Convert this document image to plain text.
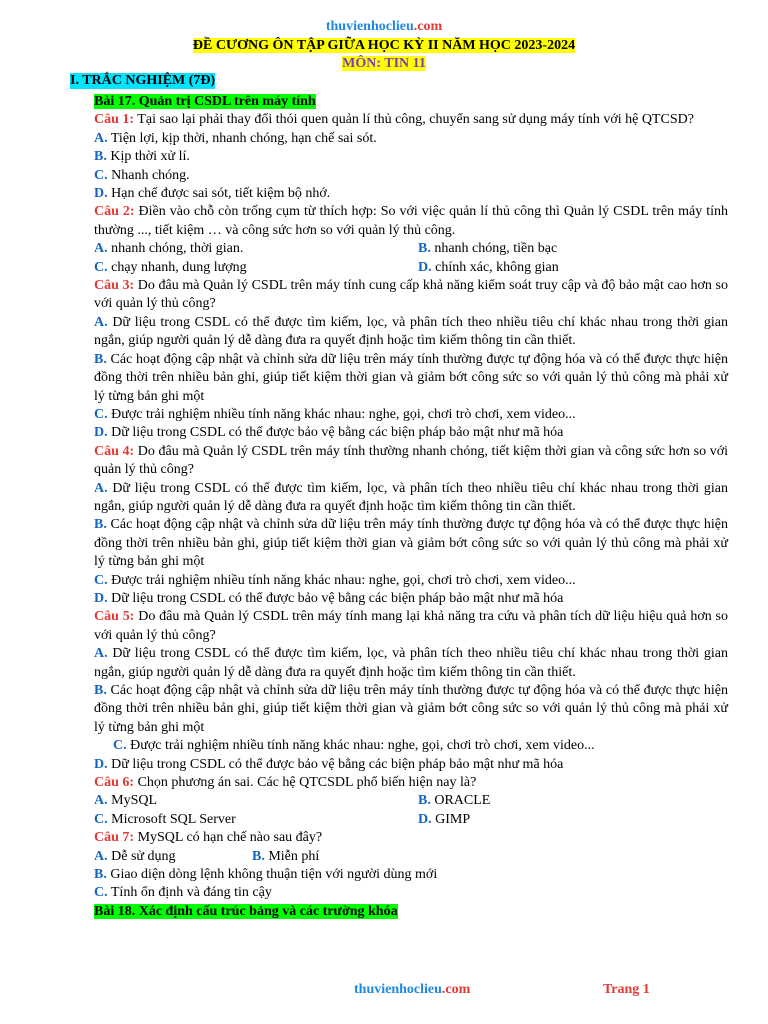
thuvienhoclieu.com
ĐỀ CƯƠNG ÔN TẬP GIỮA HỌC KỲ II NĂM HỌC 2023-2024
MÔN: TIN 11
I. TRẮC NGHIỆM (7Đ)

Bài 17. Quản trị CSDL trên máy tính

Câu 1: Tại sao lại phải thay đổi thói quen quản lí thủ công, chuyển sang sử dụng máy tính với hệ QTCSD?

A. Tiện lợi, kịp thời, nhanh chóng, hạn chế sai sót.

B. Kịp thời xử lí.

C. Nhanh chóng.

D. Hạn chế được sai sót, tiết kiệm bộ nhớ.

Câu 2: Điền vào chỗ còn trống cụm từ thích hợp: So với việc quản lí thủ công thì Quản lý CSDL trên máy tính thường ..., tiết kiệm … và công sức hơn so với quản lý thủ công.

A. nhanh chóng, thời gian.	B. nhanh chóng, tiền bạc
C. chạy nhanh, dung lượng	D. chính xác, không gian

Câu 3: Do đâu mà Quản lý CSDL trên máy tính cung cấp khả năng kiểm soát truy cập và độ bảo mật cao hơn so với quản lý thủ công?

A. Dữ liệu trong CSDL có thể được tìm kiếm, lọc, và phân tích theo nhiều tiêu chí khác nhau trong thời gian ngắn, giúp người quản lý dễ dàng đưa ra quyết định hoặc tìm kiếm thông tin cần thiết.

B. Các hoạt động cập nhật và chỉnh sửa dữ liệu trên máy tính thường được tự động hóa và có thể được thực hiện đồng thời trên nhiều bản ghi, giúp tiết kiệm thời gian và giảm bớt công sức so với quản lý thủ công mà phải xử lý từng bản ghi một

C. Được trải nghiệm nhiều tính năng khác nhau: nghe, gọi, chơi trò chơi, xem video...

D. Dữ liệu trong CSDL có thể được bảo vệ bằng các biện pháp bảo mật như mã hóa

Câu 4: Do đâu mà Quản lý CSDL trên máy tính thường nhanh chóng, tiết kiệm thời gian và công sức hơn so với quản lý thủ công?

A. Dữ liệu trong CSDL có thể được tìm kiếm, lọc, và phân tích theo nhiều tiêu chí khác nhau trong thời gian ngắn, giúp người quản lý dễ dàng đưa ra quyết định hoặc tìm kiếm thông tin cần thiết.

B. Các hoạt động cập nhật và chỉnh sửa dữ liệu trên máy tính thường được tự động hóa và có thể được thực hiện đồng thời trên nhiều bản ghi, giúp tiết kiệm thời gian và giảm bớt công sức so với quản lý thủ công mà phải xử lý từng bản ghi một

C. Được trải nghiệm nhiều tính năng khác nhau: nghe, gọi, chơi trò chơi, xem video...

D. Dữ liệu trong CSDL có thể được bảo vệ bằng các biện pháp bảo mật như mã hóa

Câu 5: Do đâu mà Quản lý CSDL trên máy tính mang lại khả năng tra cứu và phân tích dữ liệu hiệu quả hơn so với quản lý thủ công?

A. Dữ liệu trong CSDL có thể được tìm kiếm, lọc, và phân tích theo nhiều tiêu chí khác nhau trong thời gian ngắn, giúp người quản lý dễ dàng đưa ra quyết định hoặc tìm kiếm thông tin cần thiết.

B. Các hoạt động cập nhật và chỉnh sửa dữ liệu trên máy tính thường được tự động hóa và có thể được thực hiện đồng thời trên nhiều bản ghi, giúp tiết kiệm thời gian và giảm bớt công sức so với quản lý thủ công mà phải xử lý từng bản ghi một

C. Được trải nghiệm nhiều tính năng khác nhau: nghe, gọi, chơi trò chơi, xem video...

D. Dữ liệu trong CSDL có thể được bảo vệ bằng các biện pháp bảo mật như mã hóa

Câu 6: Chọn phương án sai. Các hệ QTCSDL phổ biến hiện nay là?

A. MySQL	B. ORACLE
C. Microsoft SQL Server	D. GIMP

Câu 7: MySQL có hạn chế nào sau đây?

A. Dễ sử dụng	B. Miễn phí

B. Giao diện dòng lệnh không thuận tiện với người dùng mới

C. Tính ổn định và đáng tin cậy

Bài 18. Xác định cấu trúc bảng và các trường khóa

thuvienhoclieu.com	Trang 1
